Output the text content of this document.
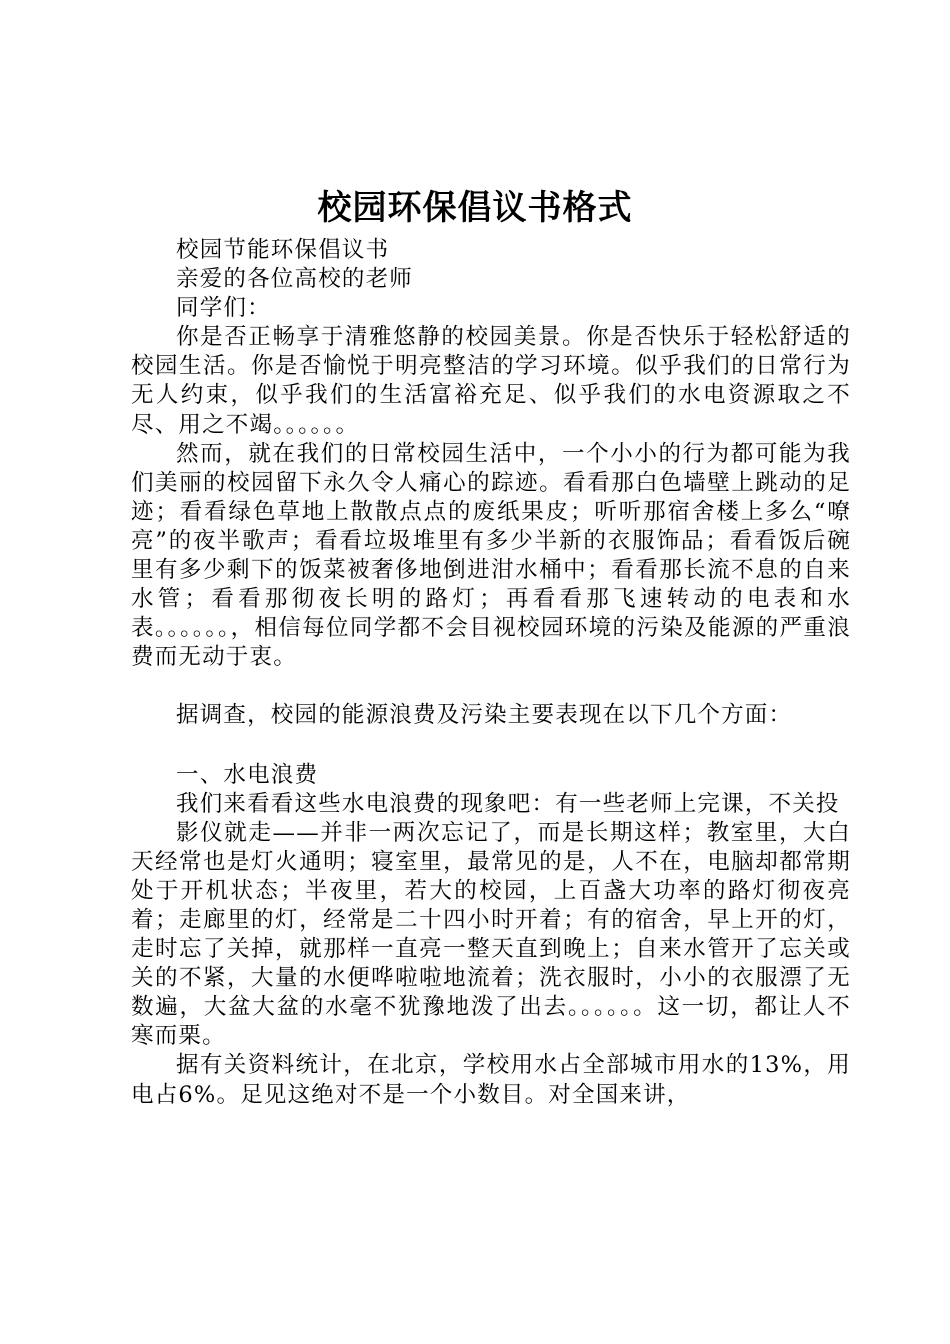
校园环保倡议书格式

校园节能环保倡议书

亲爱的各位高校的老师

同学们：

你是否正畅享于清雅悠静的校园美景。你是否快乐于轻松舒适的校园生活。你是否愉悦于明亮整洁的学习环境。似乎我们的日常行为无人约束，似乎我们的生活富裕充足、似乎我们的水电资源取之不尽、用之不竭。。。。。。

然而，就在我们的日常校园生活中，一个小小的行为都可能为我们美丽的校园留下永久令人痛心的踪迹。看看那白色墙壁上跳动的足迹；看看绿色草地上散散点点的废纸果皮；听听那宿舍楼上多么“嘹亮”的夜半歌声；看看垃圾堆里有多少半新的衣服饰品；看看饭后碗里有多少剩下的饭菜被奢侈地倒进泔水桶中；看看那长流不息的自来水管；看看那彻夜长明的路灯；再看看那飞速转动的电表和水表。。。。。。，相信每位同学都不会目视校园环境的污染及能源的严重浪费而无动于衷。

据调查，校园的能源浪费及污染主要表现在以下几个方面：

一、水电浪费

我们来看看这些水电浪费的现象吧：有一些老师上完课，不关投

影仪就走——并非一两次忘记了，而是长期这样；教室里，大白天经常也是灯火通明；寝室里，最常见的是，人不在，电脑却都常期处于开机状态；半夜里，若大的校园，上百盏大功率的路灯彻夜亮着；走廊里的灯，经常是二十四小时开着；有的宿舍，早上开的灯，走时忘了关掉，就那样一直亮一整天直到晚上；自来水管开了忘关或关的不紧，大量的水便哗啦啦地流着；洗衣服时，小小的衣服漂了无数遍，大盆大盆的水毫不犹豫地泼了出去。。。。。。这一切，都让人不寒而栗。

据有关资料统计，在北京，学校用水占全部城市用水的13%，用电占6%。足见这绝对不是一个小数目。对全国来讲，
